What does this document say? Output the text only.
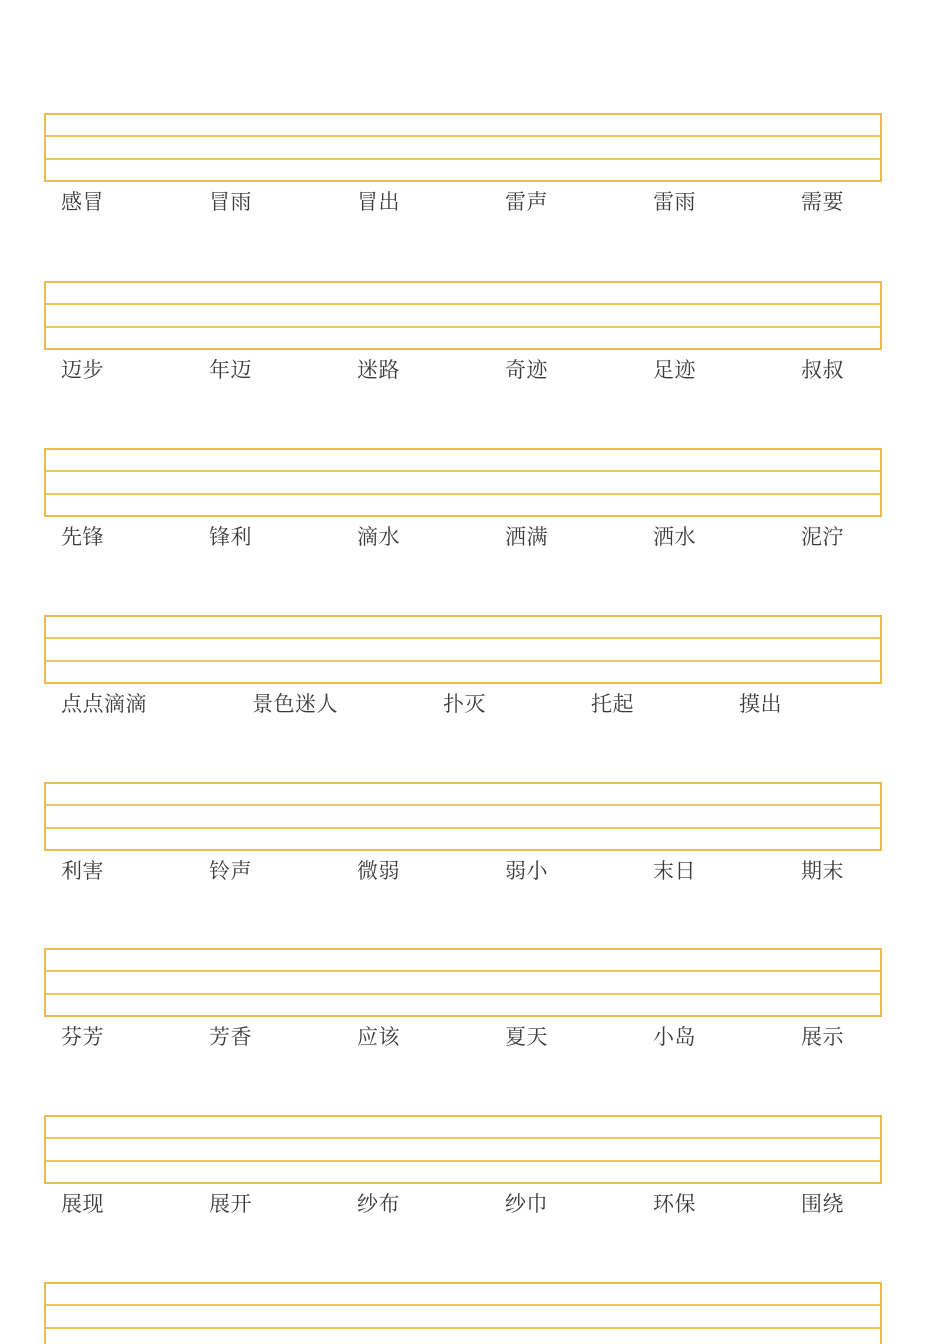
感冒	冒雨	冒出	雷声	雷雨	需要
迈步	年迈	迷路	奇迹	足迹	叔叔
先锋	锋利	滴水	洒满	洒水	泥泞
点点滴滴	景色迷人	扑灭	托起	摸出
利害	铃声	微弱	弱小	末日	期末
芬芳	芳香	应该	夏天	小岛	展示
展现	展开	纱布	纱巾	环保	围绕
